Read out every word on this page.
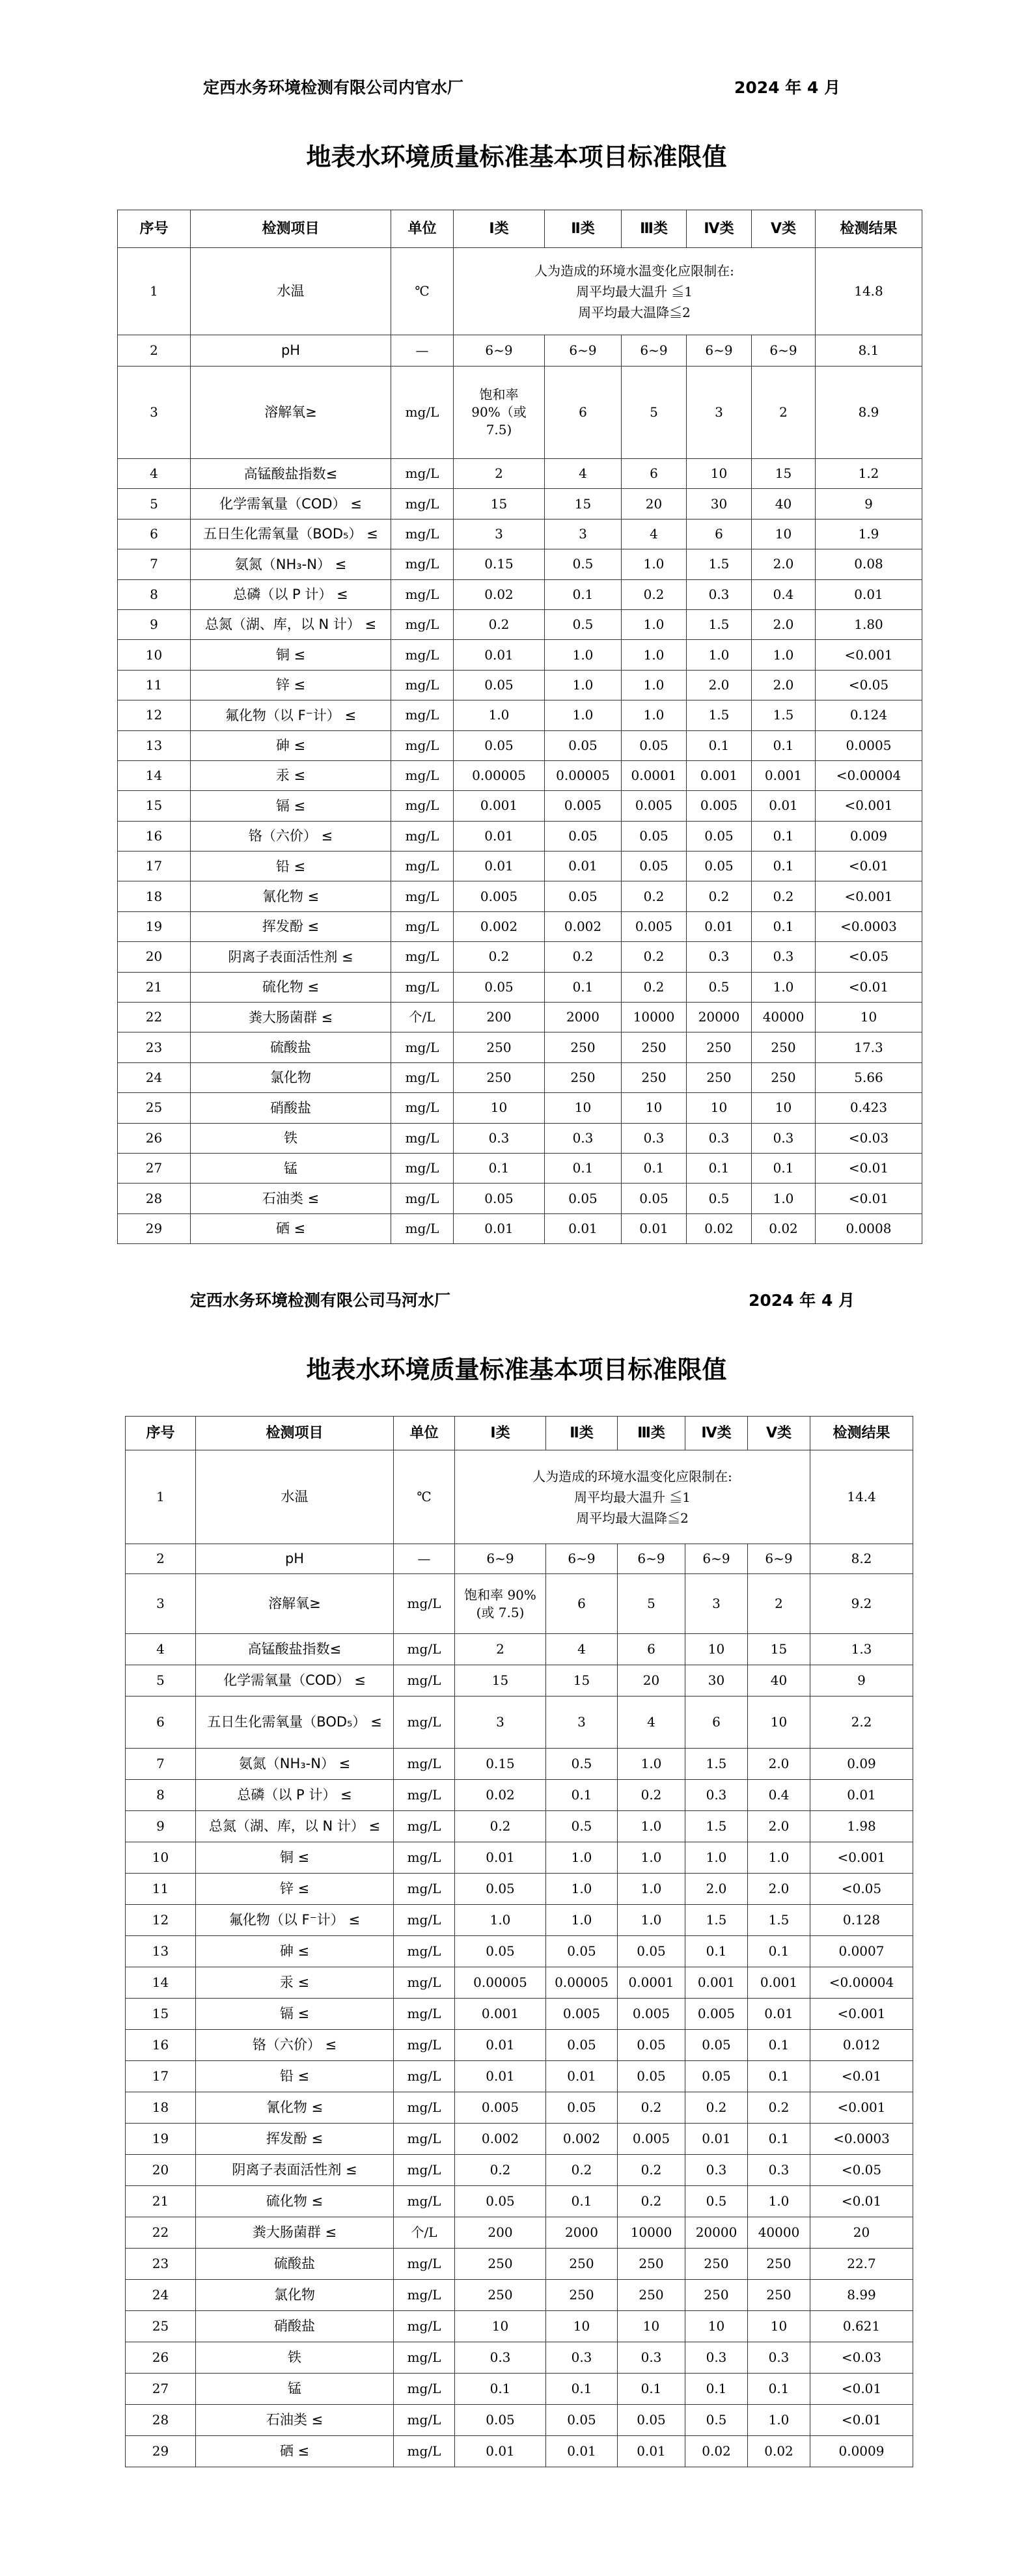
定西水务环境检测有限公司内官水厂	2024 年 4 月
地表水环境质量标准基本项目标准限值
序号	检测项目	单位	Ⅰ类	Ⅱ类	Ⅲ类	Ⅳ类	Ⅴ类	检测结果
1	水温	℃	人为造成的环境水温变化应限制在:
周平均最大温升 ≦1
周平均最大温降≦2					14.8
2	pH	—	6~9	6~9	6~9	6~9	6~9	8.1
3	溶解氧≥	mg/L	饱和率
90%（或
7.5)	6	5	3	2	8.9
4	高锰酸盐指数≤	mg/L	2	4	6	10	15	1.2
5	化学需氧量（COD） ≤	mg/L	15	15	20	30	40	9
6	五日生化需氧量（BOD₅） ≤	mg/L	3	3	4	6	10	1.9
7	氨氮（NH₃-N） ≤	mg/L	0.15	0.5	1.0	1.5	2.0	0.08
8	总磷（以 P 计） ≤	mg/L	0.02	0.1	0.2	0.3	0.4	0.01
9	总氮（湖、库，以 N 计） ≤	mg/L	0.2	0.5	1.0	1.5	2.0	1.80
10	铜 ≤	mg/L	0.01	1.0	1.0	1.0	1.0	<0.001
11	锌 ≤	mg/L	0.05	1.0	1.0	2.0	2.0	<0.05
12	氟化物（以 F⁻计） ≤	mg/L	1.0	1.0	1.0	1.5	1.5	0.124
13	砷 ≤	mg/L	0.05	0.05	0.05	0.1	0.1	0.0005
14	汞 ≤	mg/L	0.00005	0.00005	0.0001	0.001	0.001	<0.00004
15	镉 ≤	mg/L	0.001	0.005	0.005	0.005	0.01	<0.001
16	铬（六价） ≤	mg/L	0.01	0.05	0.05	0.05	0.1	0.009
17	铅 ≤	mg/L	0.01	0.01	0.05	0.05	0.1	<0.01
18	氰化物 ≤	mg/L	0.005	0.05	0.2	0.2	0.2	<0.001
19	挥发酚 ≤	mg/L	0.002	0.002	0.005	0.01	0.1	<0.0003
20	阴离子表面活性剂 ≤	mg/L	0.2	0.2	0.2	0.3	0.3	<0.05
21	硫化物 ≤	mg/L	0.05	0.1	0.2	0.5	1.0	<0.01
22	粪大肠菌群 ≤	个/L	200	2000	10000	20000	40000	10
23	硫酸盐	mg/L	250	250	250	250	250	17.3
24	氯化物	mg/L	250	250	250	250	250	5.66
25	硝酸盐	mg/L	10	10	10	10	10	0.423
26	铁	mg/L	0.3	0.3	0.3	0.3	0.3	<0.03
27	锰	mg/L	0.1	0.1	0.1	0.1	0.1	<0.01
28	石油类 ≤	mg/L	0.05	0.05	0.05	0.5	1.0	<0.01
29	硒 ≤	mg/L	0.01	0.01	0.01	0.02	0.02	0.0008
定西水务环境检测有限公司马河水厂	2024 年 4 月
地表水环境质量标准基本项目标准限值
序号	检测项目	单位	Ⅰ类	Ⅱ类	Ⅲ类	Ⅳ类	Ⅴ类	检测结果
1	水温	℃	人为造成的环境水温变化应限制在:
周平均最大温升 ≦1
周平均最大温降≦2					14.4
2	pH	—	6~9	6~9	6~9	6~9	6~9	8.2
3	溶解氧≥	mg/L	饱和率 90%
(或 7.5)	6	5	3	2	9.2
4	高锰酸盐指数≤	mg/L	2	4	6	10	15	1.3
5	化学需氧量（COD） ≤	mg/L	15	15	20	30	40	9
6	五日生化需氧量（BOD₅） ≤	mg/L	3	3	4	6	10	2.2
7	氨氮（NH₃-N） ≤	mg/L	0.15	0.5	1.0	1.5	2.0	0.09
8	总磷（以 P 计） ≤	mg/L	0.02	0.1	0.2	0.3	0.4	0.01
9	总氮（湖、库，以 N 计） ≤	mg/L	0.2	0.5	1.0	1.5	2.0	1.98
10	铜 ≤	mg/L	0.01	1.0	1.0	1.0	1.0	<0.001
11	锌 ≤	mg/L	0.05	1.0	1.0	2.0	2.0	<0.05
12	氟化物（以 F⁻计） ≤	mg/L	1.0	1.0	1.0	1.5	1.5	0.128
13	砷 ≤	mg/L	0.05	0.05	0.05	0.1	0.1	0.0007
14	汞 ≤	mg/L	0.00005	0.00005	0.0001	0.001	0.001	<0.00004
15	镉 ≤	mg/L	0.001	0.005	0.005	0.005	0.01	<0.001
16	铬（六价） ≤	mg/L	0.01	0.05	0.05	0.05	0.1	0.012
17	铅 ≤	mg/L	0.01	0.01	0.05	0.05	0.1	<0.01
18	氰化物 ≤	mg/L	0.005	0.05	0.2	0.2	0.2	<0.001
19	挥发酚 ≤	mg/L	0.002	0.002	0.005	0.01	0.1	<0.0003
20	阴离子表面活性剂 ≤	mg/L	0.2	0.2	0.2	0.3	0.3	<0.05
21	硫化物 ≤	mg/L	0.05	0.1	0.2	0.5	1.0	<0.01
22	粪大肠菌群 ≤	个/L	200	2000	10000	20000	40000	20
23	硫酸盐	mg/L	250	250	250	250	250	22.7
24	氯化物	mg/L	250	250	250	250	250	8.99
25	硝酸盐	mg/L	10	10	10	10	10	0.621
26	铁	mg/L	0.3	0.3	0.3	0.3	0.3	<0.03
27	锰	mg/L	0.1	0.1	0.1	0.1	0.1	<0.01
28	石油类 ≤	mg/L	0.05	0.05	0.05	0.5	1.0	<0.01
29	硒 ≤	mg/L	0.01	0.01	0.01	0.02	0.02	0.0009
